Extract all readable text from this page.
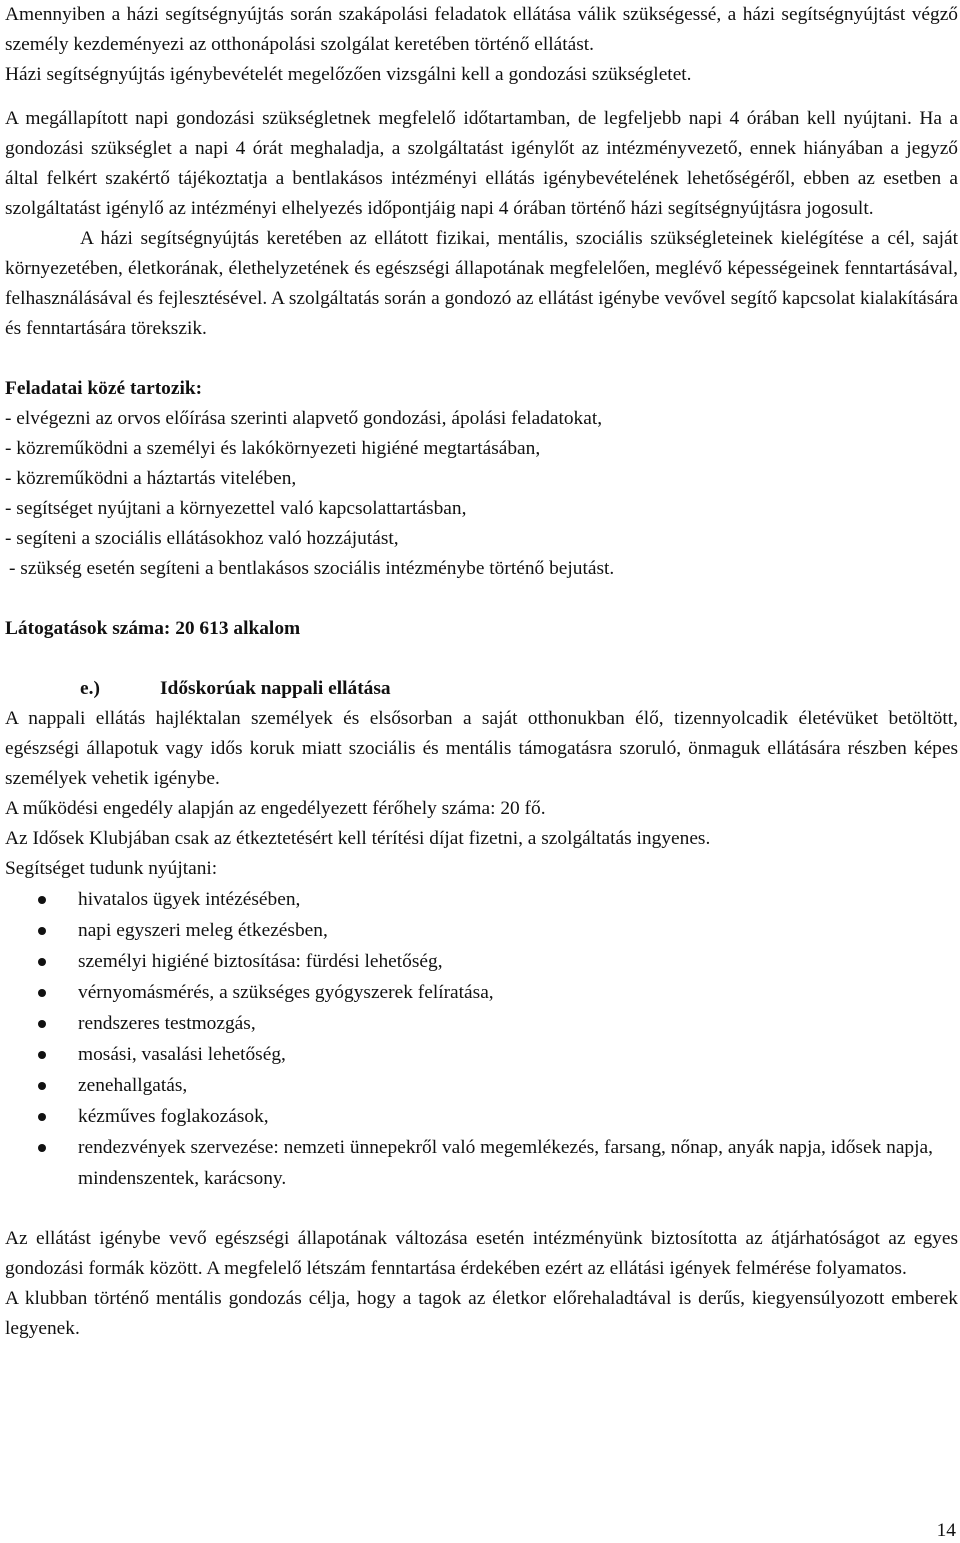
Amennyiben a házi segítségnyújtás során szakápolási feladatok ellátása válik szükségessé, a házi segítségnyújtást végző személy kezdeményezi az otthonápolási szolgálat keretében történő ellátást.

Házi segítségnyújtás igénybevételét megelőzően vizsgálni kell a gondozási szükségletet.

A megállapított napi gondozási szükségletnek megfelelő időtartamban, de legfeljebb napi 4 órában kell nyújtani. Ha a gondozási szükséglet a napi 4 órát meghaladja, a szolgáltatást igénylőt az intézményvezető, ennek hiányában a jegyző által felkért szakértő tájékoztatja a bentlakásos intézményi ellátás igénybevételének lehetőségéről, ebben az esetben a szolgáltatást igénylő az intézményi elhelyezés időpontjáig napi 4 órában történő házi segítségnyújtásra jogosult.

A házi segítségnyújtás keretében az ellátott fizikai, mentális, szociális szükségleteinek kielégítése a cél, saját környezetében, életkorának, élethelyzetének és egészségi állapotának megfelelően, meglévő képességeinek fenntartásával, felhasználásával és fejlesztésével. A szolgáltatás során a gondozó az ellátást igénybe vevővel segítő kapcsolat kialakítására és fenntartására törekszik.

Feladatai közé tartozik:

- elvégezni az orvos előírása szerinti alapvető gondozási, ápolási feladatokat,

- közreműködni a személyi és lakókörnyezeti higiéné megtartásában,

- közreműködni a háztartás vitelében,

- segítséget nyújtani a környezettel való kapcsolattartásban,

- segíteni a szociális ellátásokhoz való hozzájutást,

- szükség esetén segíteni a bentlakásos szociális intézménybe történő bejutást.

Látogatások száma: 20 613 alkalom

e.)	Időskorúak nappali ellátása

A nappali ellátás hajléktalan személyek és elsősorban a saját otthonukban élő, tizennyolcadik életévüket betöltött, egészségi állapotuk vagy idős koruk miatt szociális és mentális támogatásra szoruló, önmaguk ellátására részben képes személyek vehetik igénybe.

A működési engedély alapján az engedélyezett férőhely száma: 20 fő.

Az Idősek Klubjában csak az étkeztetésért kell térítési díjat fizetni, a szolgáltatás ingyenes.

Segítséget tudunk nyújtani:

hivatalos ügyek intézésében,
napi egyszeri meleg étkezésben,
személyi higiéné biztosítása: fürdési lehetőség,
vérnyomásmérés, a szükséges gyógyszerek felíratása,
rendszeres testmozgás,
mosási, vasalási lehetőség,
zenehallgatás,
kézműves foglakozások,
rendezvények szervezése: nemzeti ünnepekről való megemlékezés, farsang, nőnap, anyák napja, idősek napja, mindenszentek, karácsony.

Az ellátást igénybe vevő egészségi állapotának változása esetén intézményünk biztosította az átjárhatóságot az egyes gondozási formák között. A megfelelő létszám fenntartása érdekében ezért az ellátási igények felmérése folyamatos.

A klubban történő mentális gondozás célja, hogy a tagok az életkor előrehaladtával is derűs, kiegyensúlyozott emberek legyenek.

14
